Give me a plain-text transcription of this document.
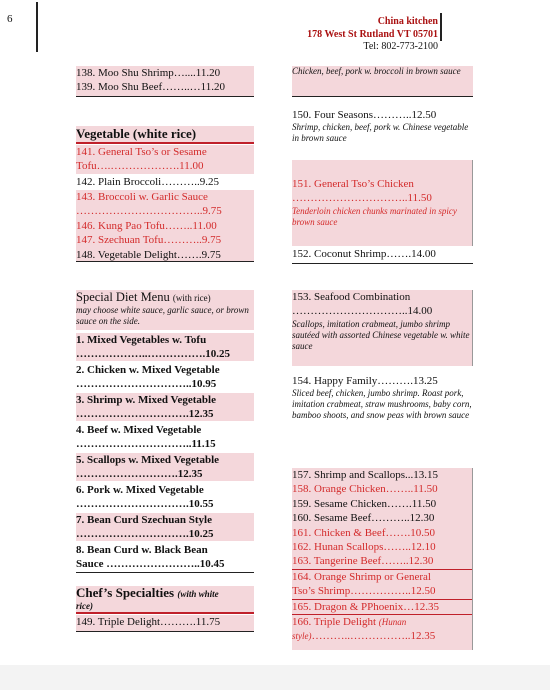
6	China kitchen
178 West St Rutland VT 05701
Tel: 802-773-2100
138. Moo Shu Shrimp…....11.20
139. Moo Shu Beef……..…11.20
Vegetable (white rice)
141. General Tso’s or Sesame
Tofu….……………….11.00
142. Plain Broccoli………..9.25
143. Broccoli w. Garlic Sauce
……………………………..9.75
146. Kung Pao Tofu……..11.00
147. Szechuan Tofu………..9.75
148. Vegetable Delight…….9.75
Special Diet Menu (with rice)
may choose white sauce, garlic sauce, or brown sauce on the side.
1. Mixed Vegetables w. Tofu
………………..…………….10.25
2. Chicken w. Mixed Vegetable
…………………………..10.95
3. Shrimp w. Mixed Vegetable
………………………….12.35
4. Beef w. Mixed Vegetable
…………………………..11.15
5. Scallops w. Mixed Vegetable
……………………….12.35
6. Pork w. Mixed Vegetable
………………………….10.55
7. Bean Curd Szechuan Style
………………………….10.25
8. Bean Curd w. Black Bean
Sauce ……………………..10.45
Chef’s Specialties (with white
rice)
149. Triple Delight……….11.75
Chicken, beef, pork w. broccoli in brown sauce
150. Four Seasons………..12.50
Shrimp, chicken, beef, pork w. Chinese vegetable in brown sauce
151. General Tso’s Chicken
…………………………..11.50
Tenderloin chicken chunks marinated in spicy brown sauce
152. Coconut Shrimp…….14.00
153. Seafood Combination
…………………………..14.00
Scallops, imitation crabmeat, jumbo shrimp sautéed with assorted Chinese vegetable w. white sauce
154. Happy Family……….13.25
Sliced beef, chicken, jumbo shrimp. Roast pork, imitation crabmeat, straw mushrooms, baby corn, bamboo shoots, and snow peas with brown sauce
157. Shrimp and Scallops...13.15
158. Orange Chicken……..11.50
159. Sesame Chicken…….11.50
160. Sesame Beef………..12.30
161. Chicken & Beef…….10.50
162. Hunan Scallops……..12.10
163. Tangerine Beef……..12.30
164. Orange Shrimp or General
Tso’s Shrimp……………..12.50
165. Dragon & PPhoenix…12.35
166. Triple Delight (Hunan
style)………..……………..12.35
